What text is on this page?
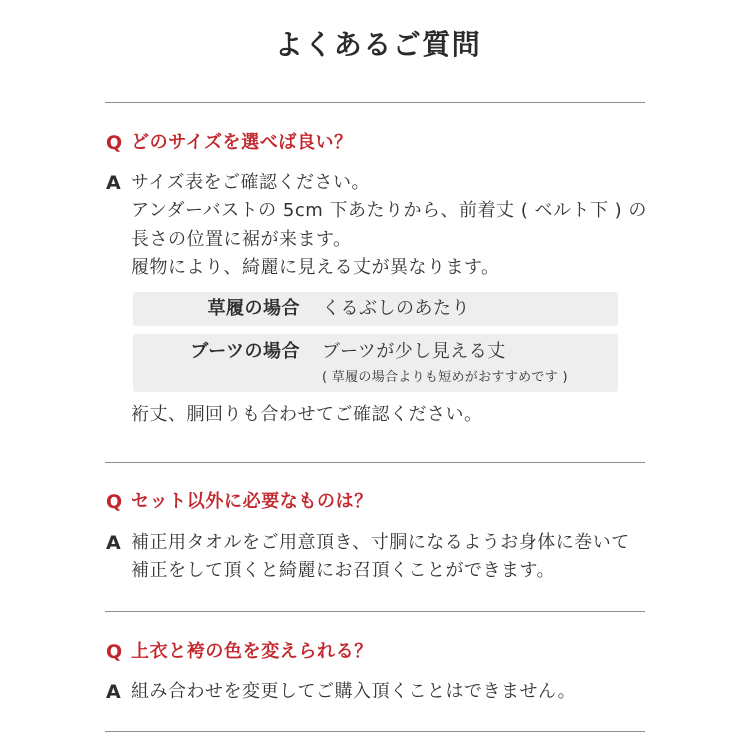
よくあるご質問
Q どのサイズを選べば良い？
A サイズ表をご確認ください。
アンダーバストの 5cm 下あたりから、前着丈 ( ベルト下 ) の
長さの位置に裾が来ます。
履物により、綺麗に見える丈が異なります。
草履の場合 くるぶしのあたり
ブーツの場合 ブーツが少し見える丈
( 草履の場合よりも短めがおすすめです )
裄丈、胴回りも合わせてご確認ください。
Q セット以外に必要なものは？
A 補正用タオルをご用意頂き、寸胴になるようお身体に巻いて
補正をして頂くと綺麗にお召頂くことができます。
Q 上衣と袴の色を変えられる？
A 組み合わせを変更してご購入頂くことはできません。
